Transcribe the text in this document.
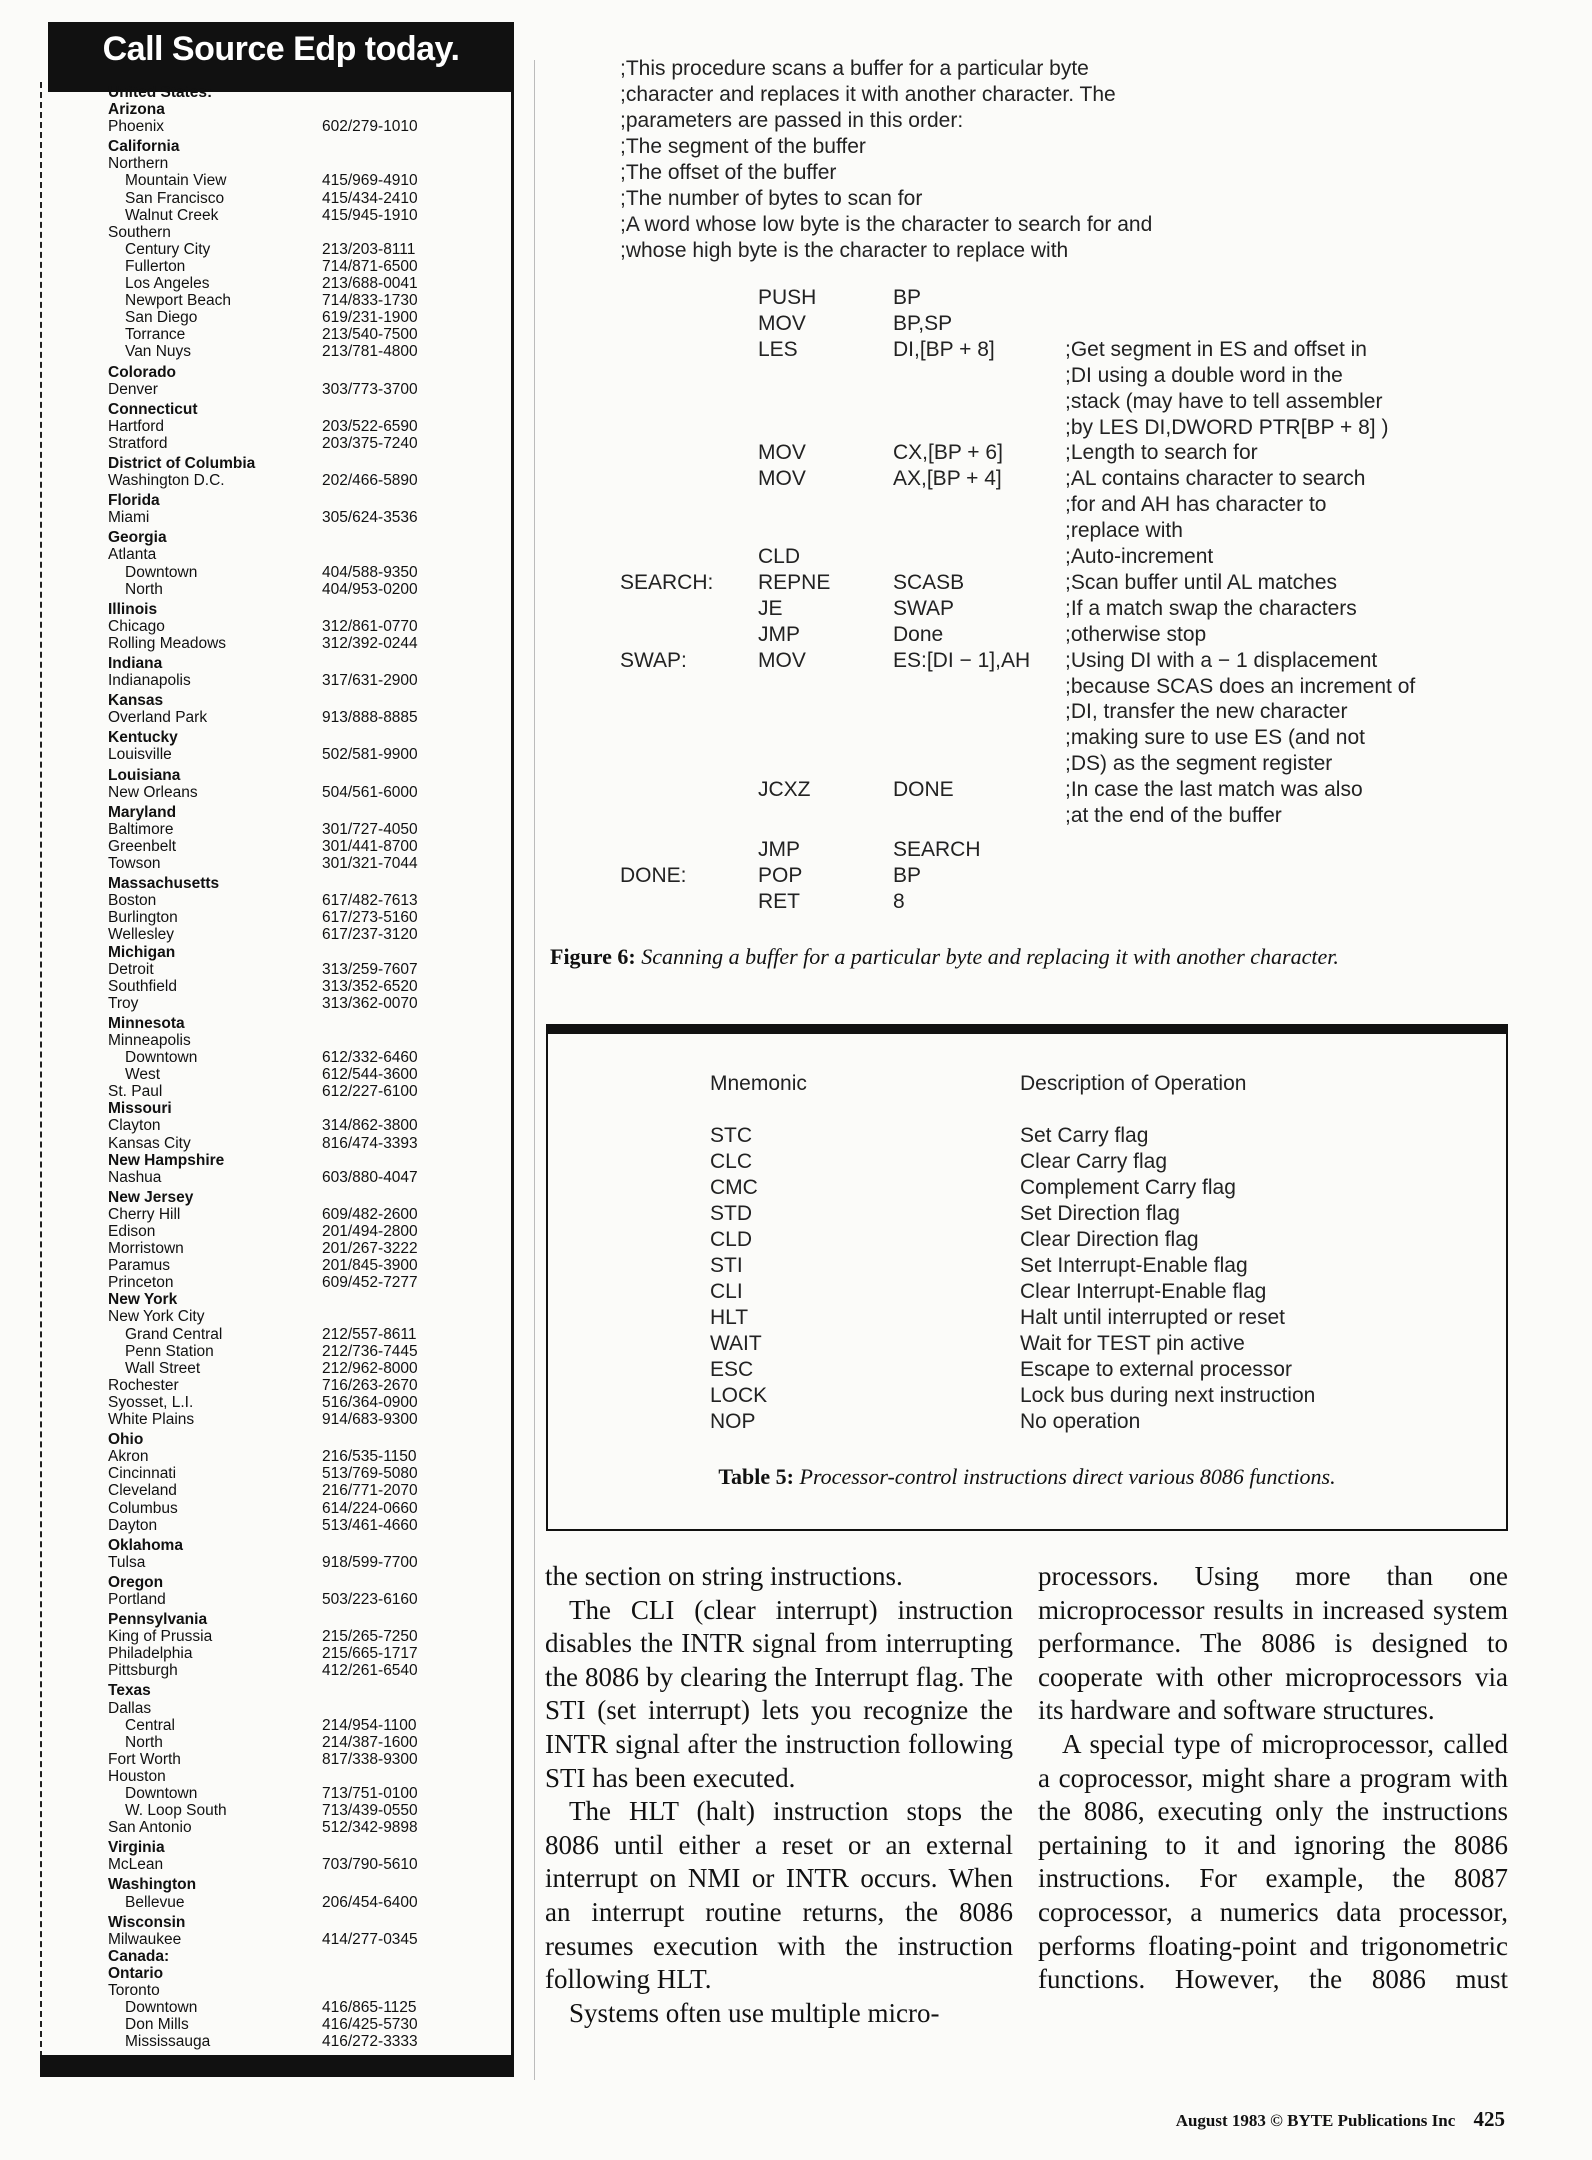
Call Source Edp today.
United States:
Arizona
Phoenix	602/279-1010
California
Northern
Mountain View	415/969-4910
San Francisco	415/434-2410
Walnut Creek	415/945-1910
Southern
Century City	213/203-8111
Fullerton	714/871-6500
Los Angeles	213/688-0041
Newport Beach	714/833-1730
San Diego	619/231-1900
Torrance	213/540-7500
Van Nuys	213/781-4800
Colorado
Denver	303/773-3700
Connecticut
Hartford	203/522-6590
Stratford	203/375-7240
District of Columbia
Washington D.C.	202/466-5890
Florida
Miami	305/624-3536
Georgia
Atlanta
Downtown	404/588-9350
North	404/953-0200
Illinois
Chicago	312/861-0770
Rolling Meadows	312/392-0244
Indiana
Indianapolis	317/631-2900
Kansas
Overland Park	913/888-8885
Kentucky
Louisville	502/581-9900
Louisiana
New Orleans	504/561-6000
Maryland
Baltimore	301/727-4050
Greenbelt	301/441-8700
Towson	301/321-7044
Massachusetts
Boston	617/482-7613
Burlington	617/273-5160
Wellesley	617/237-3120
Michigan
Detroit	313/259-7607
Southfield	313/352-6520
Troy	313/362-0070
Minnesota
Minneapolis
Downtown	612/332-6460
West	612/544-3600
St. Paul	612/227-6100
Missouri
Clayton	314/862-3800
Kansas City	816/474-3393
New Hampshire
Nashua	603/880-4047
New Jersey
Cherry Hill	609/482-2600
Edison	201/494-2800
Morristown	201/267-3222
Paramus	201/845-3900
Princeton	609/452-7277
New York
New York City
Grand Central	212/557-8611
Penn Station	212/736-7445
Wall Street	212/962-8000
Rochester	716/263-2670
Syosset, L.I.	516/364-0900
White Plains	914/683-9300
Ohio
Akron	216/535-1150
Cincinnati	513/769-5080
Cleveland	216/771-2070
Columbus	614/224-0660
Dayton	513/461-4660
Oklahoma
Tulsa	918/599-7700
Oregon
Portland	503/223-6160
Pennsylvania
King of Prussia	215/265-7250
Philadelphia	215/665-1717
Pittsburgh	412/261-6540
Texas
Dallas
Central	214/954-1100
North	214/387-1600
Fort Worth	817/338-9300
Houston
Downtown	713/751-0100
W. Loop South	713/439-0550
San Antonio	512/342-9898
Virginia
McLean	703/790-5610
Washington
Bellevue	206/454-6400
Wisconsin
Milwaukee	414/277-0345
Canada:
Ontario
Toronto
Downtown	416/865-1125
Don Mills	416/425-5730
Mississauga	416/272-3333
;This procedure scans a buffer for a particular byte
;character and replaces it with another character. The
;parameters are passed in this order:
;The segment of the buffer
;The offset of the buffer
;The number of bytes to scan for
;A word whose low byte is the character to search for and
;whose high byte is the character to replace with
PUSH	BP
MOV	BP,SP
LES	DI,[BP + 8]	;Get segment in ES and offset in
;DI using a double word in the
;stack (may have to tell assembler
;by LES DI,DWORD PTR[BP + 8] )
MOV	CX,[BP + 6]	;Length to search for
MOV	AX,[BP + 4]	;AL contains character to search
;for and AH has character to
;replace with
CLD	;Auto-increment
SEARCH: REPNE	SCASB	;Scan buffer until AL matches
JE	SWAP	;If a match swap the characters
JMP	Done	;otherwise stop
SWAP:	MOV	ES:[DI − 1],AH ;Using DI with a − 1 displacement
;because SCAS does an increment of
;DI, transfer the new character
;making sure to use ES (and not
;DS) as the segment register
JCXZ	DONE	;In case the last match was also
;at the end of the buffer
JMP	SEARCH
DONE:	POP	BP
RET	8
Figure 6: Scanning a buffer for a particular byte and replacing it with another character.
Mnemonic	Description of Operation
STC	Set Carry flag
CLC	Clear Carry flag
CMC	Complement Carry flag
STD	Set Direction flag
CLD	Clear Direction flag
STI	Set Interrupt-Enable flag
CLI	Clear Interrupt-Enable flag
HLT	Halt until interrupted or reset
WAIT	Wait for TEST pin active
ESC	Escape to external processor
LOCK	Lock bus during next instruction
NOP	No operation
Table 5: Processor-control instructions direct various 8086 functions.

the section on string instructions.

The CLI (clear interrupt) instruction disables the INTR signal from interrupting the 8086 by clearing the Interrupt flag. The STI (set interrupt) lets you recognize the INTR signal after the instruction following STI has been executed.

The HLT (halt) instruction stops the 8086 until either a reset or an external interrupt on NMI or INTR occurs. When an interrupt routine returns, the 8086 resumes execution with the instruction following HLT.

Systems often use multiple micro-

processors. Using more than one microprocessor results in increased system performance. The 8086 is designed to cooperate with other microprocessors via its hardware and software structures.

A special type of microprocessor, called a coprocessor, might share a program with the 8086, executing only the instructions pertaining to it and ignoring the 8086 instructions. For example, the 8087 coprocessor, a numerics data processor, performs floating-point and trigonometric functions. However, the 8086 must

August 1983 © BYTE Publications Inc 425
